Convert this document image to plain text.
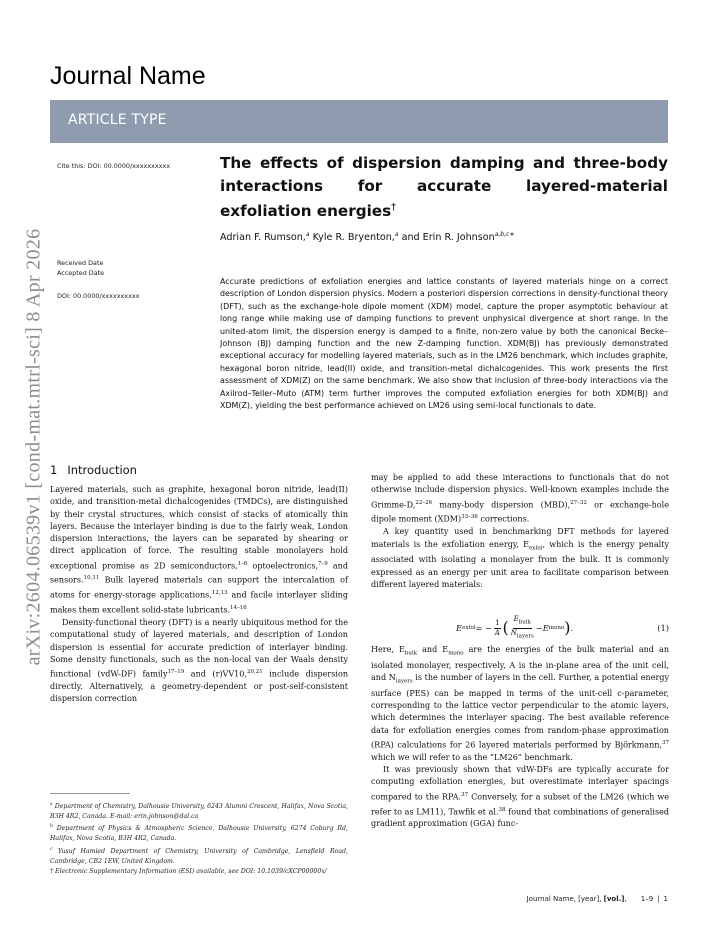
arXiv:2604.06539v1 [cond-mat.mtrl-sci] 8 Apr 2026
Journal Name
ARTICLE TYPE
Cite this: DOI: 00.0000/xxxxxxxxxx
Received Date
Accepted Date
DOI: 00.0000/xxxxxxxxxx
The effects of dispersion damping and three-body interactions for accurate layered-material exfoliation energies†
Adrian F. Rumson,$^a$ Kyle R. Bryenton,$^a$ and Erin R. Johnson$^{a,b,c∗}$

Accurate predictions of exfoliation energies and lattice constants of layered materials hinge on a correct description of London dispersion physics. Modern a posteriori dispersion corrections in density-functional theory (DFT), such as the exchange-hole dipole moment (XDM) model, capture the proper asymptotic behaviour at long range while making use of damping functions to prevent unphysical divergence at short range. In the united-atom limit, the dispersion energy is damped to a finite, non-zero value by both the canonical Becke–Johnson (BJ) damping function and the new Z-damping function. XDM(BJ) has previously demonstrated exceptional accuracy for modelling layered materials, such as in the LM26 benchmark, which includes graphite, hexagonal boron nitride, lead(II) oxide, and transition-metal dichalcogenides. This work presents the first assessment of XDM(Z) on the same benchmark. We also show that inclusion of three-body interactions via the Axilrod–Teller–Muto (ATM) term further improves the computed exfoliation energies for both XDM(BJ) and XDM(Z), yielding the best performance achieved on LM26 using semi-local functionals to date.

1 Introduction

Layered materials, such as graphite, hexagonal boron nitride, lead(II) oxide, and transition-metal dichalcogenides (TMDCs), are distinguished by their crystal structures, which consist of stacks of atomically thin layers. Because the interlayer binding is due to the fairly weak, London dispersion interactions, the layers can be separated by shearing or direct application of force. The resulting stable monolayers hold exceptional promise as 2D semiconductors,$^{1-6}$ optoelectronics,$^{7-9}$ and sensors.$^{10,11}$ Bulk layered materials can support the intercalation of atoms for energy-storage applications,$^{12,13}$ and facile interlayer sliding makes them excellent solid-state lubricants.$^{14-16}$

Density-functional theory (DFT) is a nearly ubiquitous method for the computational study of layered materials, and description of London dispersion is essential for accurate prediction of interlayer binding. Some density functionals, such as the non-local van der Waals density functional (vdW-DF) family$^{17-19}$ and (r)VV10,$^{20,21}$ include dispersion directly. Alternatively, a geometry-dependent or post-self-consistent dispersion correction

may be applied to add these interactions to functionals that do not otherwise include dispersion physics. Well-known examples include the Grimme-D,$^{22-26}$ many-body dispersion (MBD),$^{27-32}$ or exchange-hole dipole moment (XDM)$^{33-36}$ corrections.

A key quantity used in benchmarking DFT methods for layered materials is the exfoliation energy, $E_{exfol}$, which is the energy penalty associated with isolating a monolayer from the bulk. It is commonly expressed as an energy per unit area to facilitate comparison between different layered materials:

E exfol = − $\frac{1}{A}$ ( $\frac{E_{bulk}}{N_{layers}} - E$ mono ) .	(1)

Here, $E_{bulk}$ and $E_{mono}$ are the energies of the bulk material and an isolated monolayer, respectively, A is the in-plane area of the unit cell, and $N_{layers}$ is the number of layers in the cell. Further, a potential energy surface (PES) can be mapped in terms of the unit-cell c-parameter, corresponding to the lattice vector perpendicular to the atomic layers, which determines the interlayer spacing. The best available reference data for exfoliation energies comes from random-phase approximation (RPA) calculations for 26 layered materials performed by Björkmann,$^{37}$ which we will refer to as the “LM26” benchmark.

It was previously shown that vdW-DFs are typically accurate for computing exfoliation energies, but overestimate interlayer spacings compared to the RPA.$^{37}$ Conversely, for a subset of the LM26 (which we refer to as LM11), Tawfik et al.$^{38}$ found that combinations of generalised gradient approximation (GGA) func-

$^a$ Department of Chemistry, Dalhousie University, 6243 Alumni Crescent, Halifax, Nova Scotia, B3H 4R2, Canada. E-mail: erin.johnson@dal.ca

$^b$ Department of Physics & Atmospheric Science, Dalhousie University, 6274 Coburg Rd, Halifax, Nova Scotia, B3H 4R2, Canada.

$^c$ Yusuf Hamied Department of Chemistry, University of Cambridge, Lensfield Road, Cambridge, CB2 1EW, United Kingdom.

† Electronic Supplementary Information (ESI) available, see DOI: 10.1039/cXCP00000x/

Journal Name, [year], [vol.], 1–9 | 1
